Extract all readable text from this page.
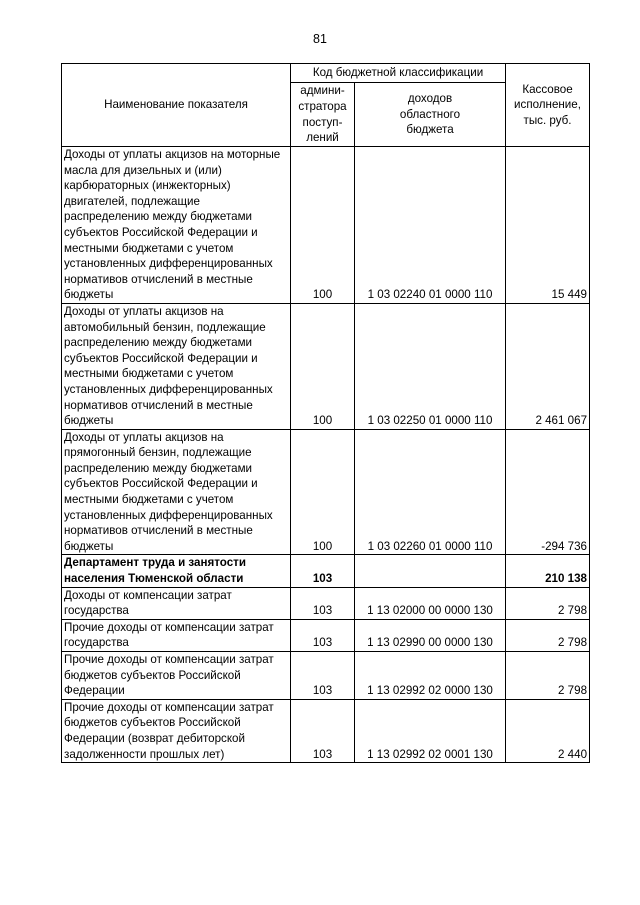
81
Наименование показателя	Код бюджетной классификации		Кассовое исполнение, тыс. руб.
	админи-стратора поступ-лений	доходов областного бюджета	
Доходы от уплаты акцизов на моторные масла для дизельных и (или) карбюраторных (инжекторных) двигателей, подлежащие распределению между бюджетами субъектов Российской Федерации и местными бюджетами с учетом установленных дифференцированных нормативов отчислений в местные бюджеты	100	1 03 02240 01 0000 110	15 449
Доходы от уплаты акцизов на автомобильный бензин, подлежащие распределению между бюджетами субъектов Российской Федерации и местными бюджетами с учетом установленных дифференцированных нормативов отчислений в местные бюджеты	100	1 03 02250 01 0000 110	2 461 067
Доходы от уплаты акцизов на прямогонный бензин, подлежащие распределению между бюджетами субъектов Российской Федерации и местными бюджетами с учетом установленных дифференцированных нормативов отчислений в местные бюджеты	100	1 03 02260 01 0000 110	-294 736
Департамент труда и занятости населения Тюменской области	103		210 138
Доходы от компенсации затрат государства	103	1 13 02000 00 0000 130	2 798
Прочие доходы от компенсации затрат государства	103	1 13 02990 00 0000 130	2 798
Прочие доходы от компенсации затрат бюджетов субъектов Российской Федерации	103	1 13 02992 02 0000 130	2 798
Прочие доходы от компенсации затрат бюджетов субъектов Российской Федерации (возврат дебиторской задолженности прошлых лет)	103	1 13 02992 02 0001 130	2 440
